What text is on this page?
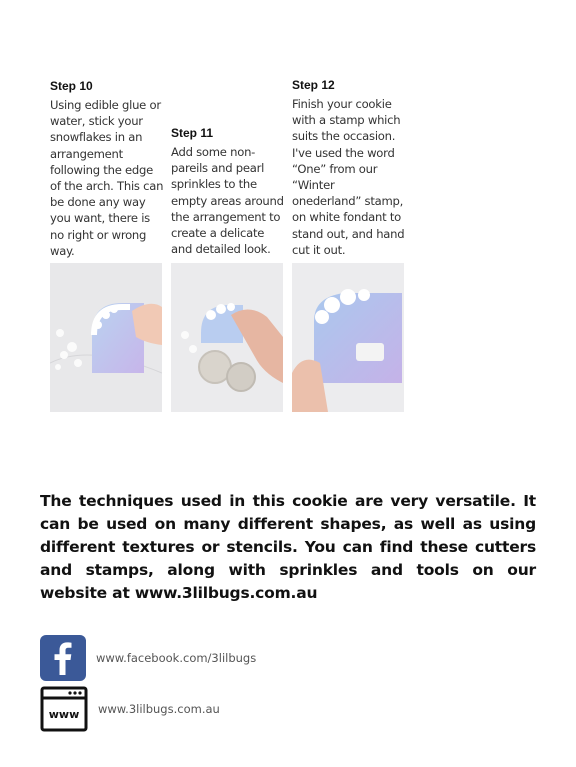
Step 10

Using edible glue or water, stick your snowflakes in an arrangement following the edge of the arch. This can be done any way you want, there is no right or wrong way.

Step 11

Add some non-pareils and pearl sprinkles to the empty areas around the arrangement to create a delicate and detailed look.

Step 12

Finish your cookie with a stamp which suits the occasion. I've used the word “One” from our “Winter onederland” stamp, on white fondant to stand out, and hand cut it out.

The techniques used in this cookie are very versatile. It can be used on many different shapes, as well as using different textures or stencils. You can find these cutters and stamps, along with sprinkles and tools on our website at www.3lilbugs.com.au

www.facebook.com/3lilbugs
www www.3lilbugs.com.au
